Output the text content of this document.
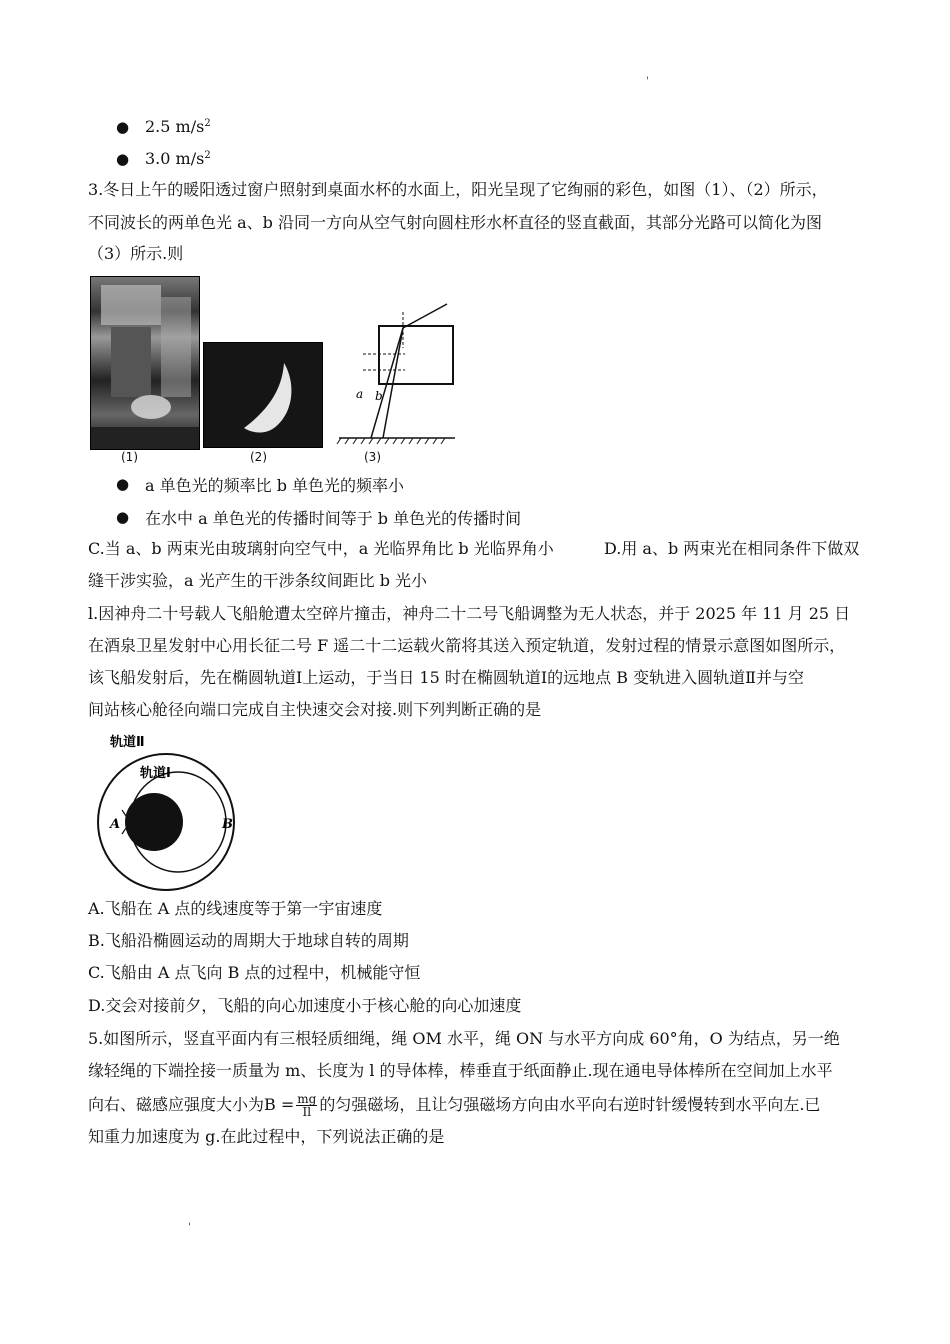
'
● 2.5 $m/s^2$
● 3.0 $m/s^2$
3.冬日上午的暖阳透过窗户照射到桌面水杯的水面上，阳光呈现了它绚丽的彩色，如图（1）、（2）所示，
不同波长的两单色光 a、b 沿同一方向从空气射向圆柱形水杯直径的竖直截面，其部分光路可以简化为图
（3）所示.则
(1)	(2)
a b
(3)
● a 单色光的频率比 b 单色光的频率小
● 在水中 a 单色光的传播时间等于 b 单色光的传播时间
C.当 a、b 两束光由玻璃射向空气中，a 光临界角比 b 光临界角小	D.用 a、b 两束光在相同条件下做双
缝干涉实验，a 光产生的干涉条纹间距比 b 光小
l.因神舟二十号载人飞船舱遭太空碎片撞击，神舟二十二号飞船调整为无人状态，并于 2025 年 11 月 25 日
在酒泉卫星发射中心用长征二号 F 遥二十二运载火箭将其送入预定轨道，发射过程的情景示意图如图所示，
该飞船发射后，先在椭圆轨道Ⅰ上运动，于当日 15 时在椭圆轨道Ⅰ的远地点 B 变轨进入圆轨道Ⅱ并与空
间站核心舱径向端口完成自主快速交会对接.则下列判断正确的是
轨道Ⅱ
轨道Ⅰ
A	B
A.飞船在 A 点的线速度等于第一宇宙速度
B.飞船沿椭圆运动的周期大于地球自转的周期
C.飞船由 A 点飞向 B 点的过程中，机械能守恒
D.交会对接前夕，飞船的向心加速度小于核心舱的向心加速度
5.如图所示，竖直平面内有三根轻质细绳，绳 OM 水平，绳 ON 与水平方向成 60°角，O 为结点，另一绝
缘轻绳的下端拴接一质量为 m、长度为 l 的导体棒，棒垂直于纸面静止.现在通电导体棒所在空间加上水平
向右、磁感应强度大小为$B = \frac{mg}{Il}$ 的匀强磁场，且让匀强磁场方向由水平向右逆时针缓慢转到水平向左.已
知重力加速度为 g.在此过程中，下列说法正确的是
'
